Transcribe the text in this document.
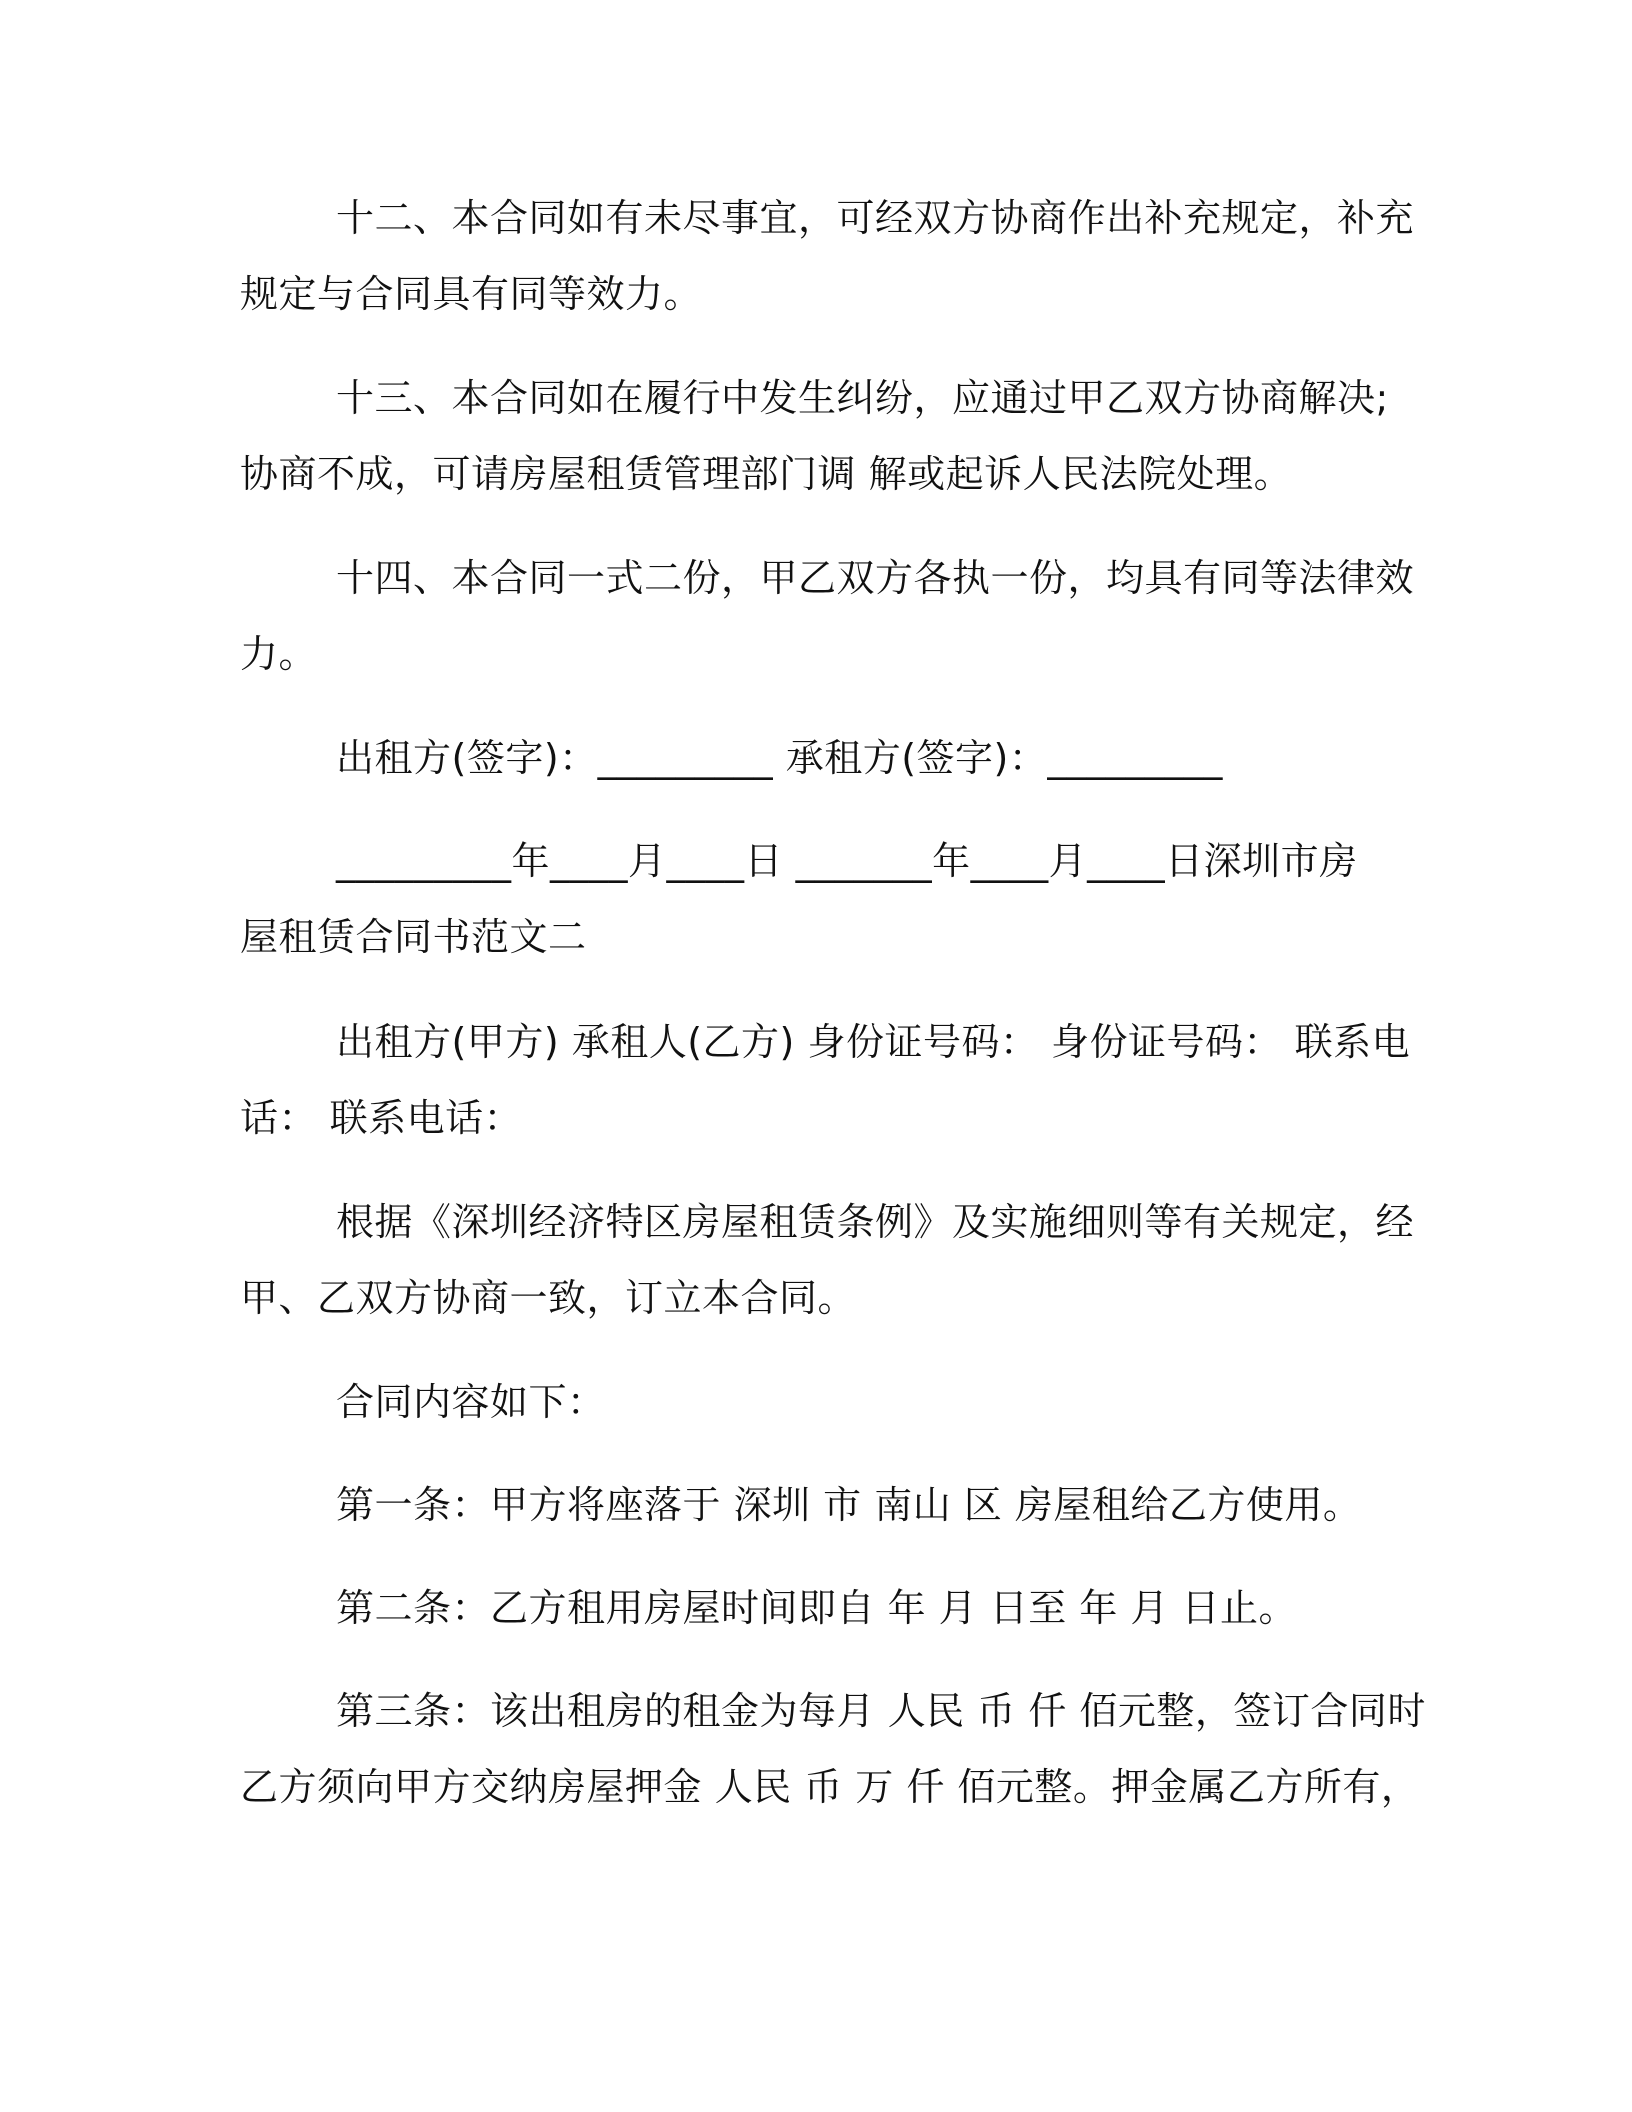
十二、本合同如有未尽事宜，可经双方协商作出补充规定，补充
规定与合同具有同等效力。

十三、本合同如在履行中发生纠纷，应通过甲乙双方协商解决;
协商不成，可请房屋租赁管理部门调 解或起诉人民法院处理。

十四、本合同一式二份，甲乙双方各执一份，均具有同等法律效
力。

出租方(签字)：_________ 承租方(签字)：_________

_________年____月____日 _______年____月____日深圳市房
屋租赁合同书范文二

出租方(甲方) 承租人(乙方) 身份证号码： 身份证号码： 联系电
话： 联系电话：

根据《深圳经济特区房屋租赁条例》及实施细则等有关规定，经
甲、乙双方协商一致，订立本合同。

合同内容如下：

第一条：甲方将座落于 深圳 市 南山 区 房屋租给乙方使用。

第二条：乙方租用房屋时间即自 年 月 日至 年 月 日止。

第三条：该出租房的租金为每月 人民 币 仟 佰元整，签订合同时
乙方须向甲方交纳房屋押金 人民 币 万 仟 佰元整。押金属乙方所有，
